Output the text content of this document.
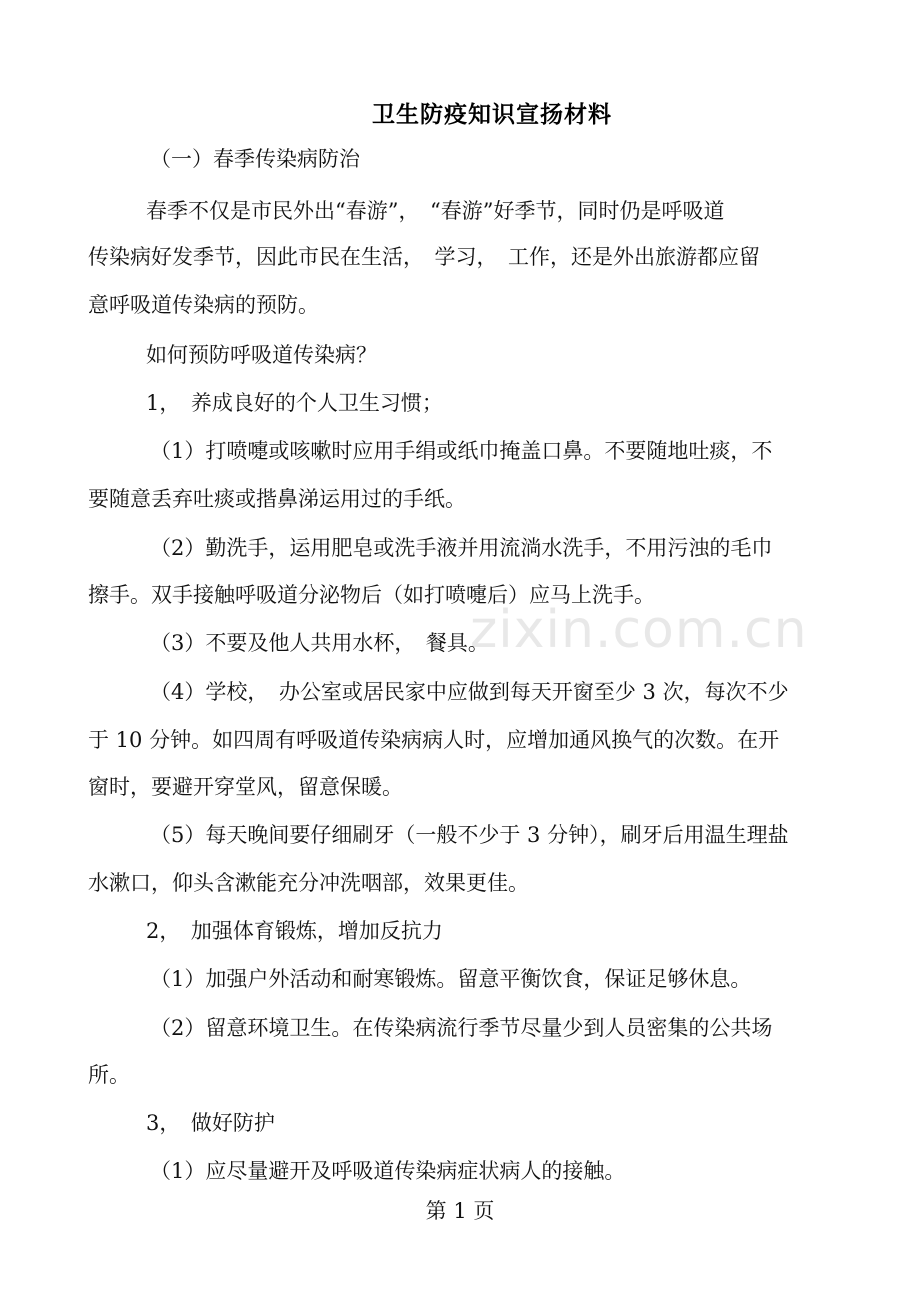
卫生防疫知识宣扬材料
zixin.com.cn
（一）春季传染病防治
春季不仅是市民外出“春游”，　“春游”好季节，同时仍是呼吸道
传染病好发季节，因此市民在生活，　学习，　工作，还是外出旅游都应留
意呼吸道传染病的预防。
如何预防呼吸道传染病？
1，　养成良好的个人卫生习惯；
（1）打喷嚏或咳嗽时应用手绢或纸巾掩盖口鼻。不要随地吐痰，不
要随意丢弃吐痰或揩鼻涕运用过的手纸。
（2）勤洗手，运用肥皂或洗手液并用流淌水洗手，不用污浊的毛巾
擦手。双手接触呼吸道分泌物后（如打喷嚏后）应马上洗手。
（3）不要及他人共用水杯，　餐具。
（4）学校，　办公室或居民家中应做到每天开窗至少 3 次，每次不少
于 10 分钟。如四周有呼吸道传染病病人时，应增加通风换气的次数。在开
窗时，要避开穿堂风，留意保暖。
（5）每天晚间要仔细刷牙（一般不少于 3 分钟），刷牙后用温生理盐
水漱口，仰头含漱能充分冲洗咽部，效果更佳。
2，　加强体育锻炼，增加反抗力
（1）加强户外活动和耐寒锻炼。留意平衡饮食，保证足够休息。
（2）留意环境卫生。在传染病流行季节尽量少到人员密集的公共场
所。
3，　做好防护
（1）应尽量避开及呼吸道传染病症状病人的接触。
第 1 页
